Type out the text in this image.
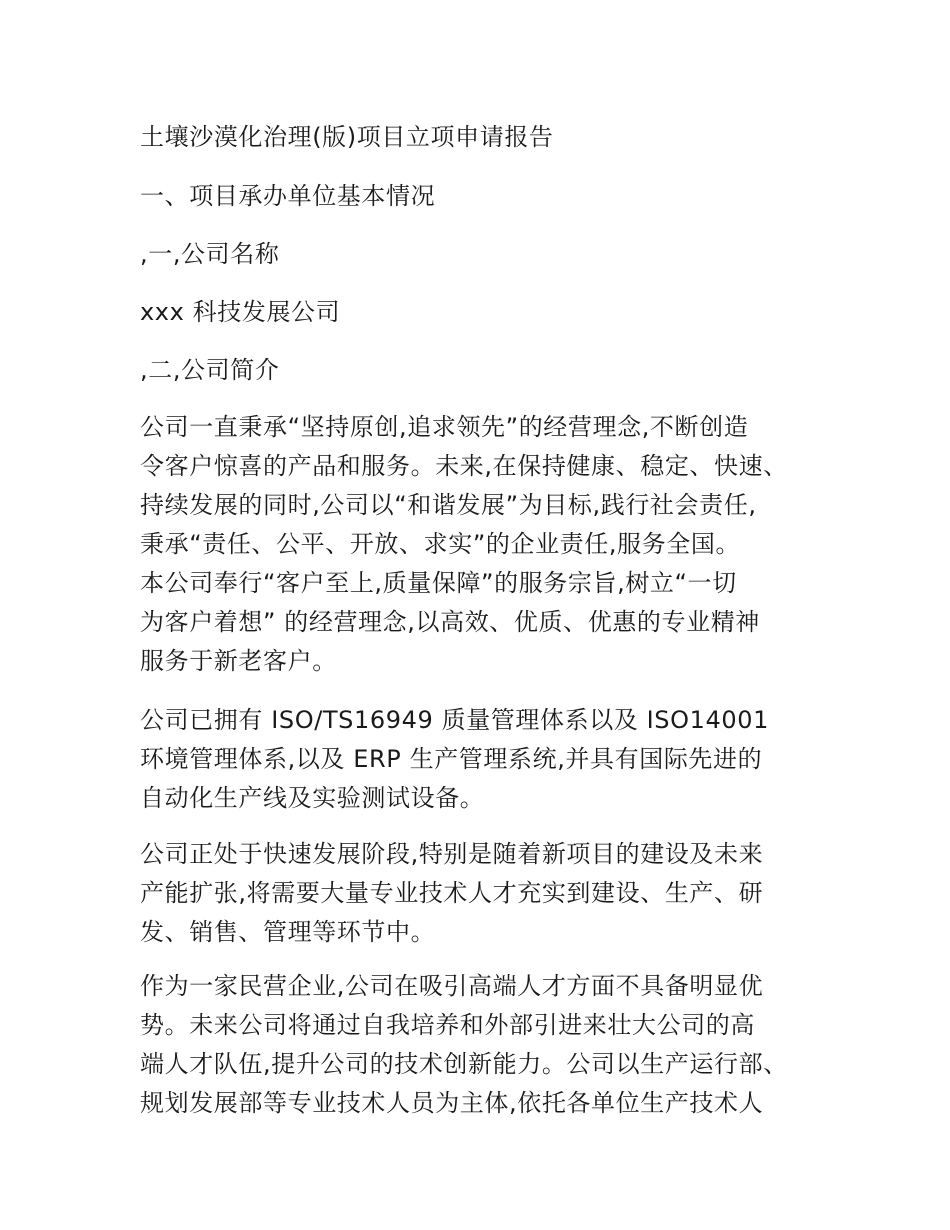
土壤沙漠化治理(版)项目立项申请报告
一、项目承办单位基本情况
,一,公司名称
xxx 科技发展公司
,二,公司简介
公司一直秉承“坚持原创,追求领先”的经营理念,不断创造
令客户惊喜的产品和服务。未来,在保持健康、稳定、快速、
持续发展的同时,公司以“和谐发展”为目标,践行社会责任,
秉承“责任、公平、开放、求实”的企业责任,服务全国。
本公司奉行“客户至上,质量保障”的服务宗旨,树立“一切
为客户着想” 的经营理念,以高效、优质、优惠的专业精神
服务于新老客户。
公司已拥有 ISO/TS16949 质量管理体系以及 ISO14001
环境管理体系,以及 ERP 生产管理系统,并具有国际先进的
自动化生产线及实验测试设备。
公司正处于快速发展阶段,特别是随着新项目的建设及未来
产能扩张,将需要大量专业技术人才充实到建设、生产、研
发、销售、管理等环节中。
作为一家民营企业,公司在吸引高端人才方面不具备明显优
势。未来公司将通过自我培养和外部引进来壮大公司的高
端人才队伍,提升公司的技术创新能力。公司以生产运行部、
规划发展部等专业技术人员为主体,依托各单位生产技术人
